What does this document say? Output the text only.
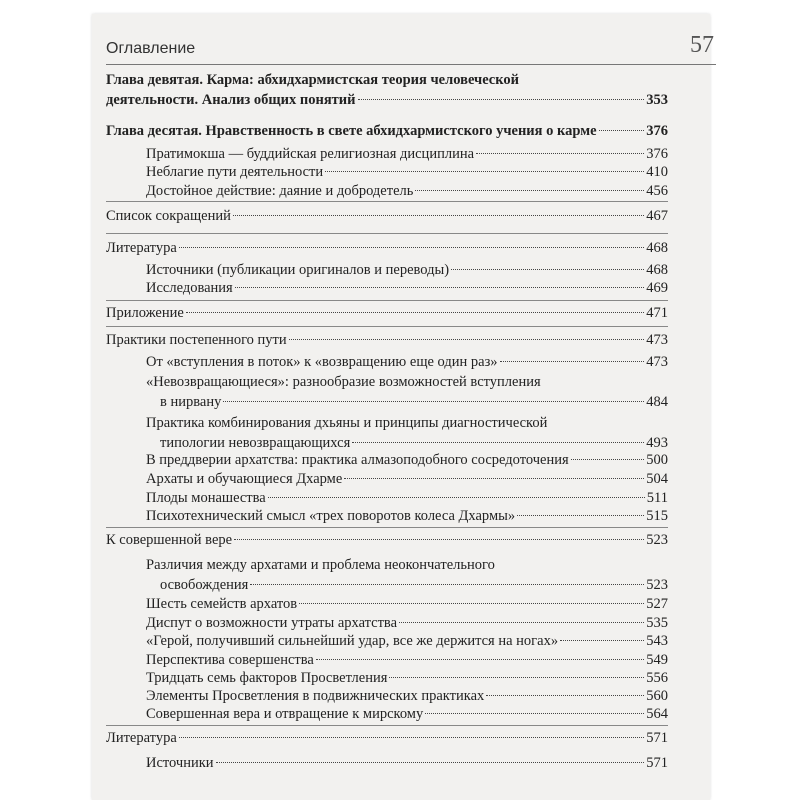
Оглавление	57
Глава девятая. Карма: абхидхармистская теория человеческой
деятельности. Анализ общих понятий	353
Глава десятая. Нравственность в свете абхидхармистского учения о карме	376
Пратимокша — буддийская религиозная дисциплина	376
Неблагие пути деятельности	410
Достойное действие: даяние и добродетель	456
Список сокращений	467
Литература	468
Источники (публикации оригиналов и переводы)	468
Исследования	469
Приложение	471
Практики постепенного пути	473
От «вступления в поток» к «возвращению еще один раз»	473
«Невозвращающиеся»: разнообразие возможностей вступления
в нирвану	484
Практика комбинирования дхьяны и принципы диагностической
типологии невозвращающихся	493
В преддверии архатства: практика алмазоподобного сосредоточения	500
Архаты и обучающиеся Дхарме	504
Плоды монашества	511
Психотехнический смысл «трех поворотов колеса Дхармы»	515
К совершенной вере	523
Различия между архатами и проблема неокончательного
освобождения	523
Шесть семейств архатов	527
Диспут о возможности утраты архатства	535
«Герой, получивший сильнейший удар, все же держится на ногах»	543
Перспектива совершенства	549
Тридцать семь факторов Просветления	556
Элементы Просветления в подвижнических практиках	560
Совершенная вера и отвращение к мирскому	564
Литература	571
Источники	571
